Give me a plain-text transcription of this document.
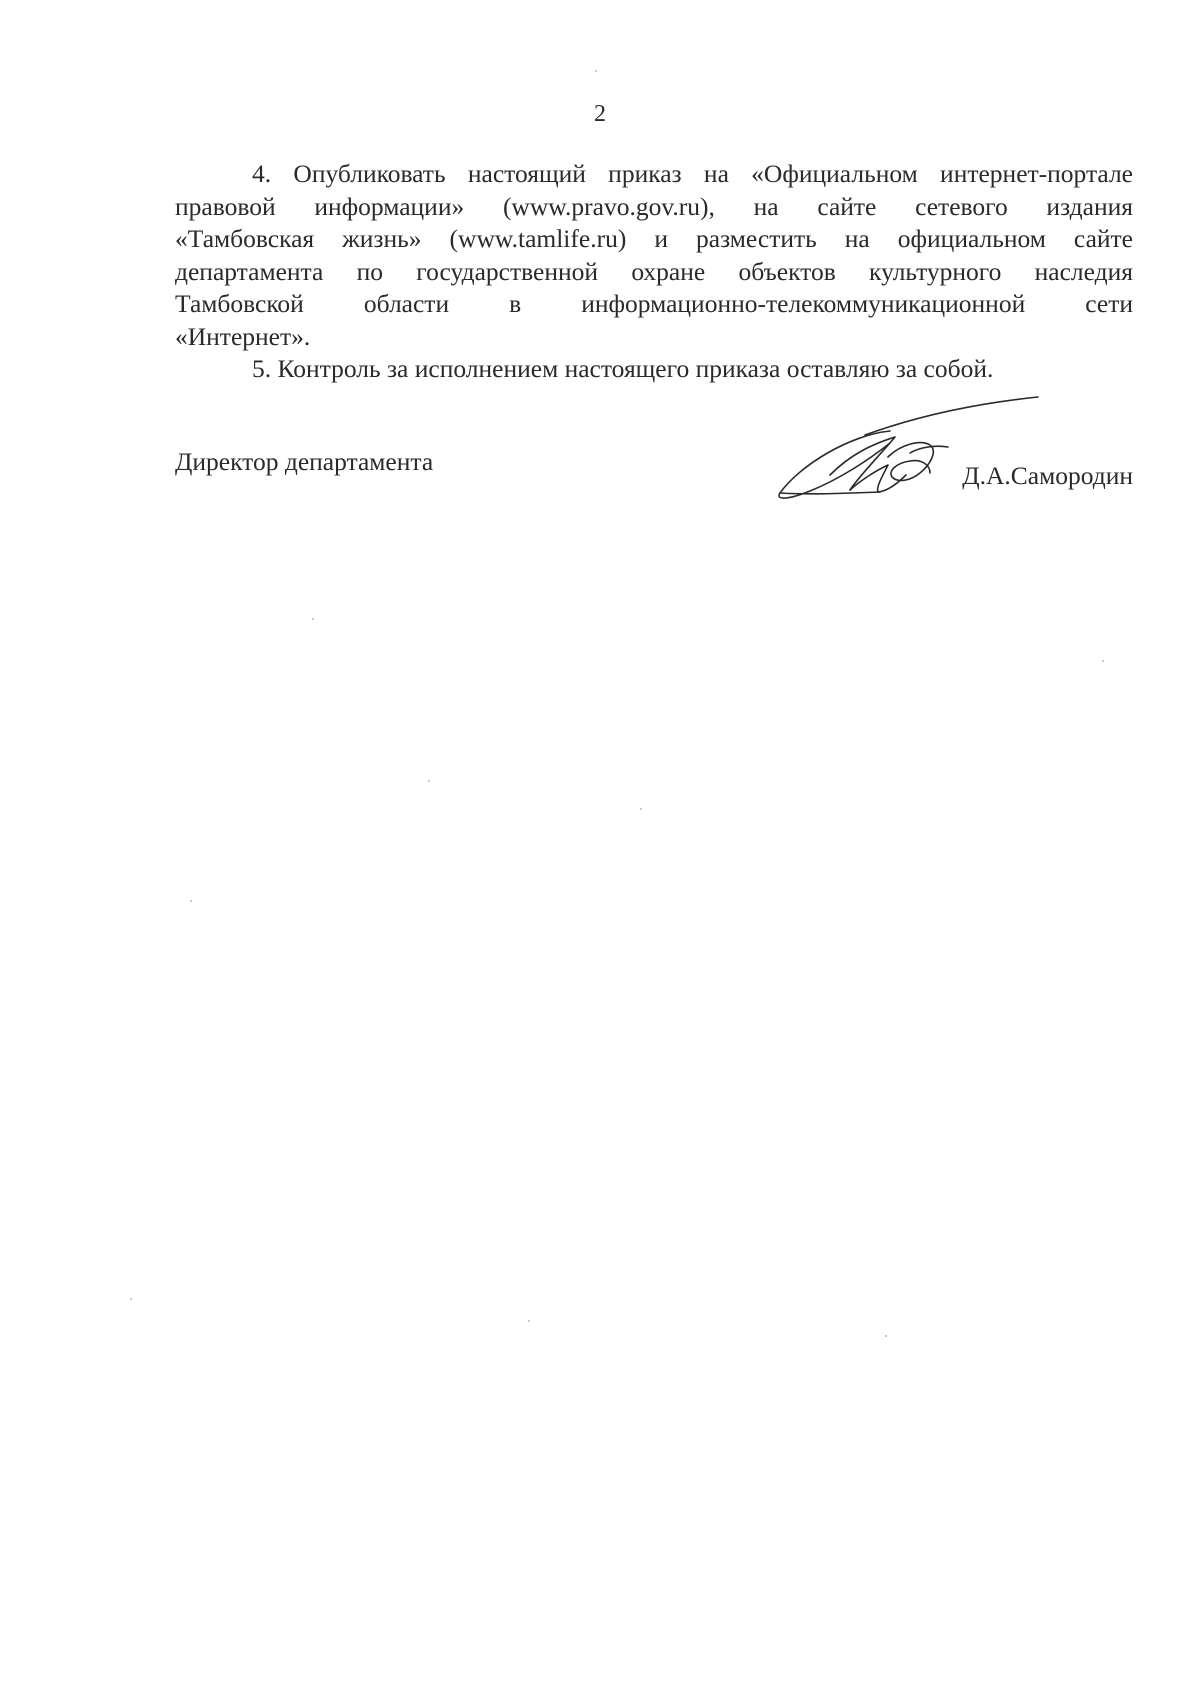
2

4. Опубликовать настоящий приказ на «Официальном интернет-портале
правовой информации» (www.pravo.gov.ru), на сайте сетевого издания
«Тамбовская жизнь» (www.tamlife.ru) и разместить на официальном сайте
департамента по государственной охране объектов культурного наследия
Тамбовской области в информационно-телекоммуникационной сети
«Интернет».

5. Контроль за исполнением настоящего приказа оставляю за собой.

Директор департамента	Д.А.Самородин
